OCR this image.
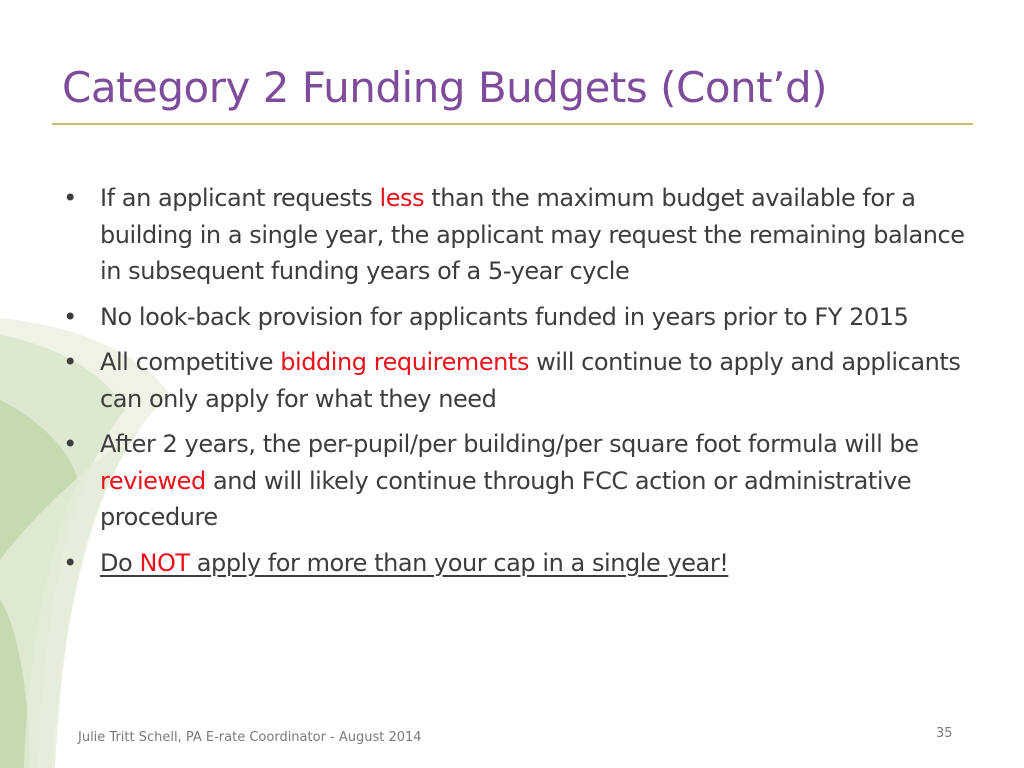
Category 2 Funding Budgets (Cont’d)
• If an applicant requests less than the maximum budget available for a building in a single year, the applicant may request the remaining balance in subsequent funding years of a 5-year cycle
• No look-back provision for applicants funded in years prior to FY 2015
• All competitive bidding requirements will continue to apply and applicants can only apply for what they need
• After 2 years, the per-pupil/per building/per square foot formula will be reviewed and will likely continue through FCC action or administrative procedure
• Do NOT apply for more than your cap in a single year!
Julie Tritt Schell, PA E-rate Coordinator - August 2014	35
